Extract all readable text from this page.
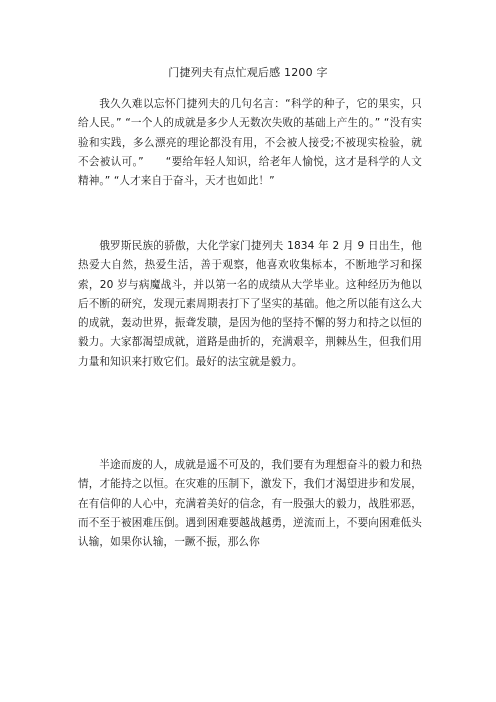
门捷列夫有点忙观后感 1200 字

我久久难以忘怀门捷列夫的几句名言：“科学的种子，它的果实，只给人民。” “一个人的成就是多少人无数次失败的基础上产生的。” “没有实验和实践，多么漂亮的理论都没有用，不会被人接受;不被现实检验，就不会被认可。”　　“要给年轻人知识，给老年人愉悦，这才是科学的人文精神。” “人才来自于奋斗，天才也如此！”

俄罗斯民族的骄傲，大化学家门捷列夫 1834 年 2 月 9 日出生，他热爱大自然，热爱生活，善于观察，他喜欢收集标本，不断地学习和探索，20 岁与病魔战斗，并以第一名的成绩从大学毕业。这种经历为他以后不断的研究，发现元素周期表打下了坚实的基础。他之所以能有这么大的成就，轰动世界，振聋发聩，是因为他的坚持不懈的努力和持之以恒的毅力。大家都渴望成就，道路是曲折的，充满艰辛，荆棘丛生，但我们用力量和知识来打败它们。最好的法宝就是毅力。

半途而废的人，成就是遥不可及的，我们要有为理想奋斗的毅力和热情，才能持之以恒。在灾难的压制下，激发下，我们才渴望进步和发展，在有信仰的人心中，充满着美好的信念，有一股强大的毅力，战胜邪恶，而不至于被困难压倒。遇到困难要越战越勇，逆流而上，不要向困难低头认输，如果你认输，一蹶不振，那么你
